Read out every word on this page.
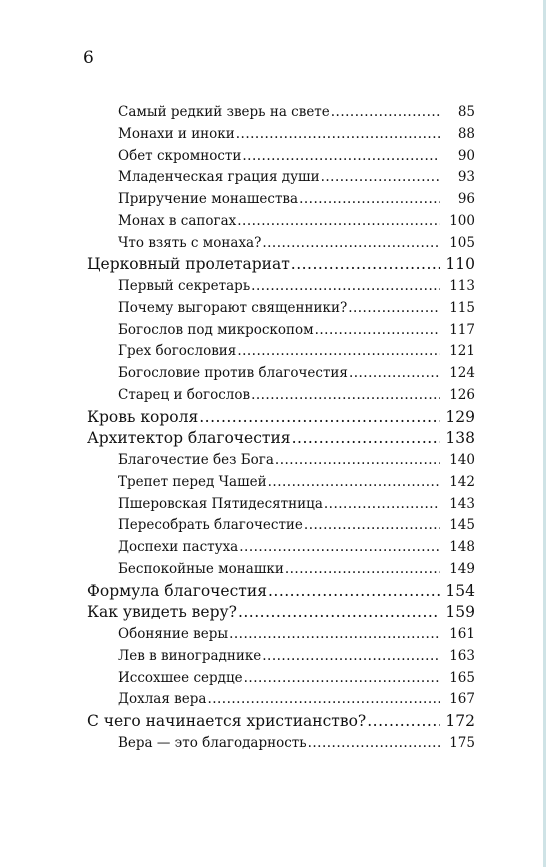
6
Самый редкий зверь на свете .....	85
Монахи и иноки .....	88
Обет скромности .....	90
Младенческая грация души .....	93
Приручение монашества .....	96
Монах в сапогах .....	100
Что взять с монаха? .....	105
Церковный пролетариат .....	110
Первый секретарь .....	113
Почему выгорают священники? .....	115
Богослов под микроскопом .....	117
Грех богословия .....	121
Богословие против благочестия .....	124
Старец и богослов .....	126
Кровь короля .....	129
Архитектор благочестия .....	138
Благочестие без Бога .....	140
Трепет перед Чашей .....	142
Пшеровская Пятидесятница .....	143
Пересобрать благочестие .....	145
Доспехи пастуха .....	148
Беспокойные монашки .....	149
Формула благочестия .....	154
Как увидеть веру? .....	159
Обоняние веры .....	161
Лев в винограднике .....	163
Иссохшее сердце .....	165
Дохлая вера .....	167
С чего начинается христианство? .....	172
Вера — это благодарность .....	175
